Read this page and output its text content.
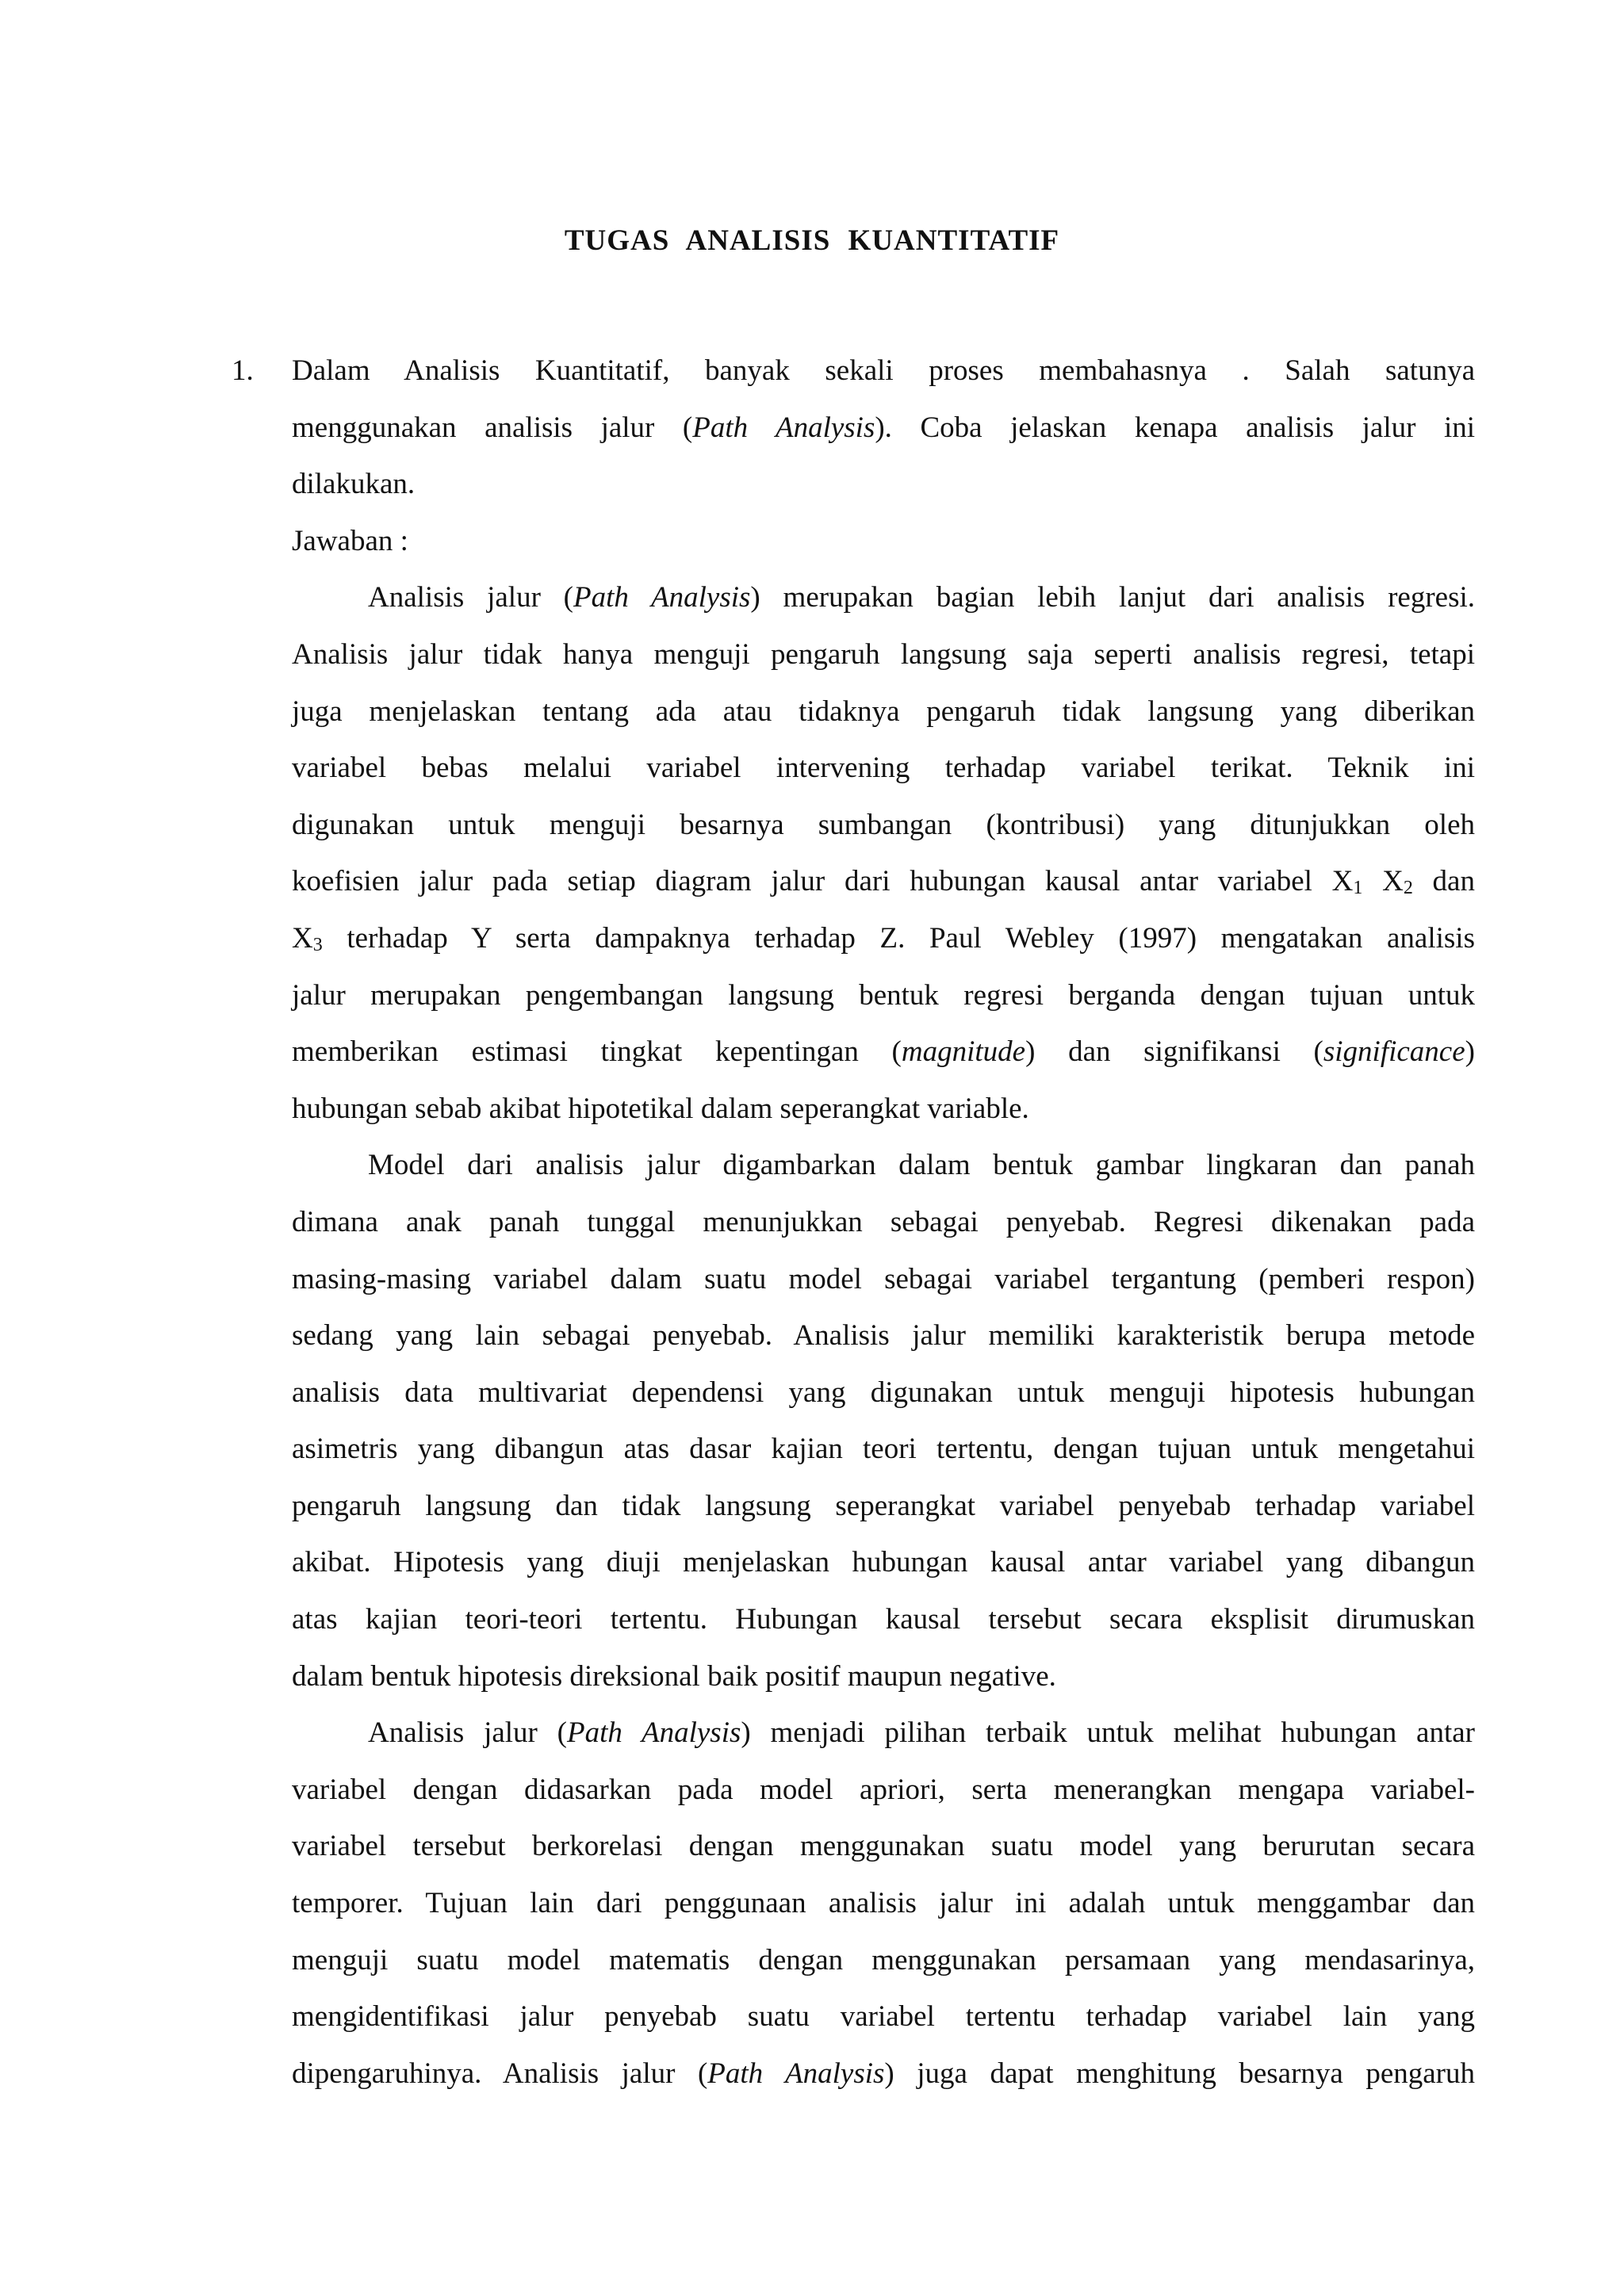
TUGAS ANALISIS KUANTITATIF
1. Dalam Analisis Kuantitatif, banyak sekali proses membahasnya . Salah satunya
menggunakan analisis jalur (Path Analysis). Coba jelaskan kenapa analisis jalur ini
dilakukan.
Jawaban :
Analisis jalur (Path Analysis) merupakan bagian lebih lanjut dari analisis regresi.
Analisis jalur tidak hanya menguji pengaruh langsung saja seperti analisis regresi, tetapi
juga menjelaskan tentang ada atau tidaknya pengaruh tidak langsung yang diberikan
variabel bebas melalui variabel intervening terhadap variabel terikat. Teknik ini
digunakan untuk menguji besarnya sumbangan (kontribusi) yang ditunjukkan oleh
koefisien jalur pada setiap diagram jalur dari hubungan kausal antar variabel $X_1$ $X_2$ dan
$X_3$ terhadap Y serta dampaknya terhadap Z. Paul Webley (1997) mengatakan analisis
jalur merupakan pengembangan langsung bentuk regresi berganda dengan tujuan untuk
memberikan estimasi tingkat kepentingan (magnitude) dan signifikansi (significance)
hubungan sebab akibat hipotetikal dalam seperangkat variable.
Model dari analisis jalur digambarkan dalam bentuk gambar lingkaran dan panah
dimana anak panah tunggal menunjukkan sebagai penyebab. Regresi dikenakan pada
masing-masing variabel dalam suatu model sebagai variabel tergantung (pemberi respon)
sedang yang lain sebagai penyebab. Analisis jalur memiliki karakteristik berupa metode
analisis data multivariat dependensi yang digunakan untuk menguji hipotesis hubungan
asimetris yang dibangun atas dasar kajian teori tertentu, dengan tujuan untuk mengetahui
pengaruh langsung dan tidak langsung seperangkat variabel penyebab terhadap variabel
akibat. Hipotesis yang diuji menjelaskan hubungan kausal antar variabel yang dibangun
atas kajian teori-teori tertentu. Hubungan kausal tersebut secara eksplisit dirumuskan
dalam bentuk hipotesis direksional baik positif maupun negative.
Analisis jalur (Path Analysis) menjadi pilihan terbaik untuk melihat hubungan antar
variabel dengan didasarkan pada model apriori, serta menerangkan mengapa variabel-
variabel tersebut berkorelasi dengan menggunakan suatu model yang berurutan secara
temporer. Tujuan lain dari penggunaan analisis jalur ini adalah untuk menggambar dan
menguji suatu model matematis dengan menggunakan persamaan yang mendasarinya,
mengidentifikasi jalur penyebab suatu variabel tertentu terhadap variabel lain yang
dipengaruhinya. Analisis jalur (Path Analysis) juga dapat menghitung besarnya pengaruh
